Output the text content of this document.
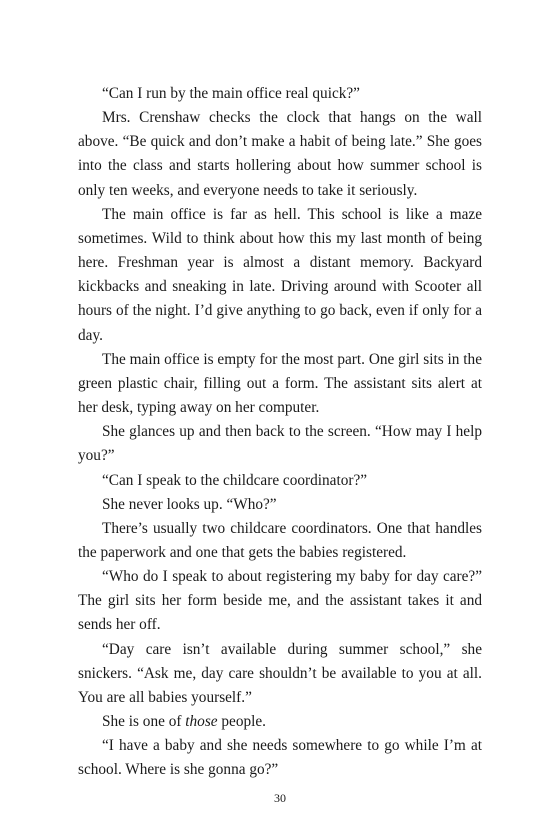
“Can I run by the main office real quick?”

Mrs. Crenshaw checks the clock that hangs on the wall above. “Be quick and don’t make a habit of being late.” She goes into the class and starts hollering about how summer school is only ten weeks, and everyone needs to take it seriously.

The main office is far as hell. This school is like a maze sometimes. Wild to think about how this my last month of being here. Freshman year is almost a distant memory. Backyard kickbacks and sneaking in late. Driving around with Scooter all hours of the night. I’d give anything to go back, even if only for a day.

The main office is empty for the most part. One girl sits in the green plastic chair, filling out a form. The assistant sits alert at her desk, typing away on her computer.

She glances up and then back to the screen. “How may I help you?”

“Can I speak to the childcare coordinator?”

She never looks up. “Who?”

There’s usually two childcare coordinators. One that handles the paperwork and one that gets the babies registered.

“Who do I speak to about registering my baby for day care?” The girl sits her form beside me, and the assistant takes it and sends her off.

“Day care isn’t available during summer school,” she snickers. “Ask me, day care shouldn’t be available to you at all. You are all babies yourself.”

She is one of those people.

“I have a baby and she needs somewhere to go while I’m at school. Where is she gonna go?”

30
